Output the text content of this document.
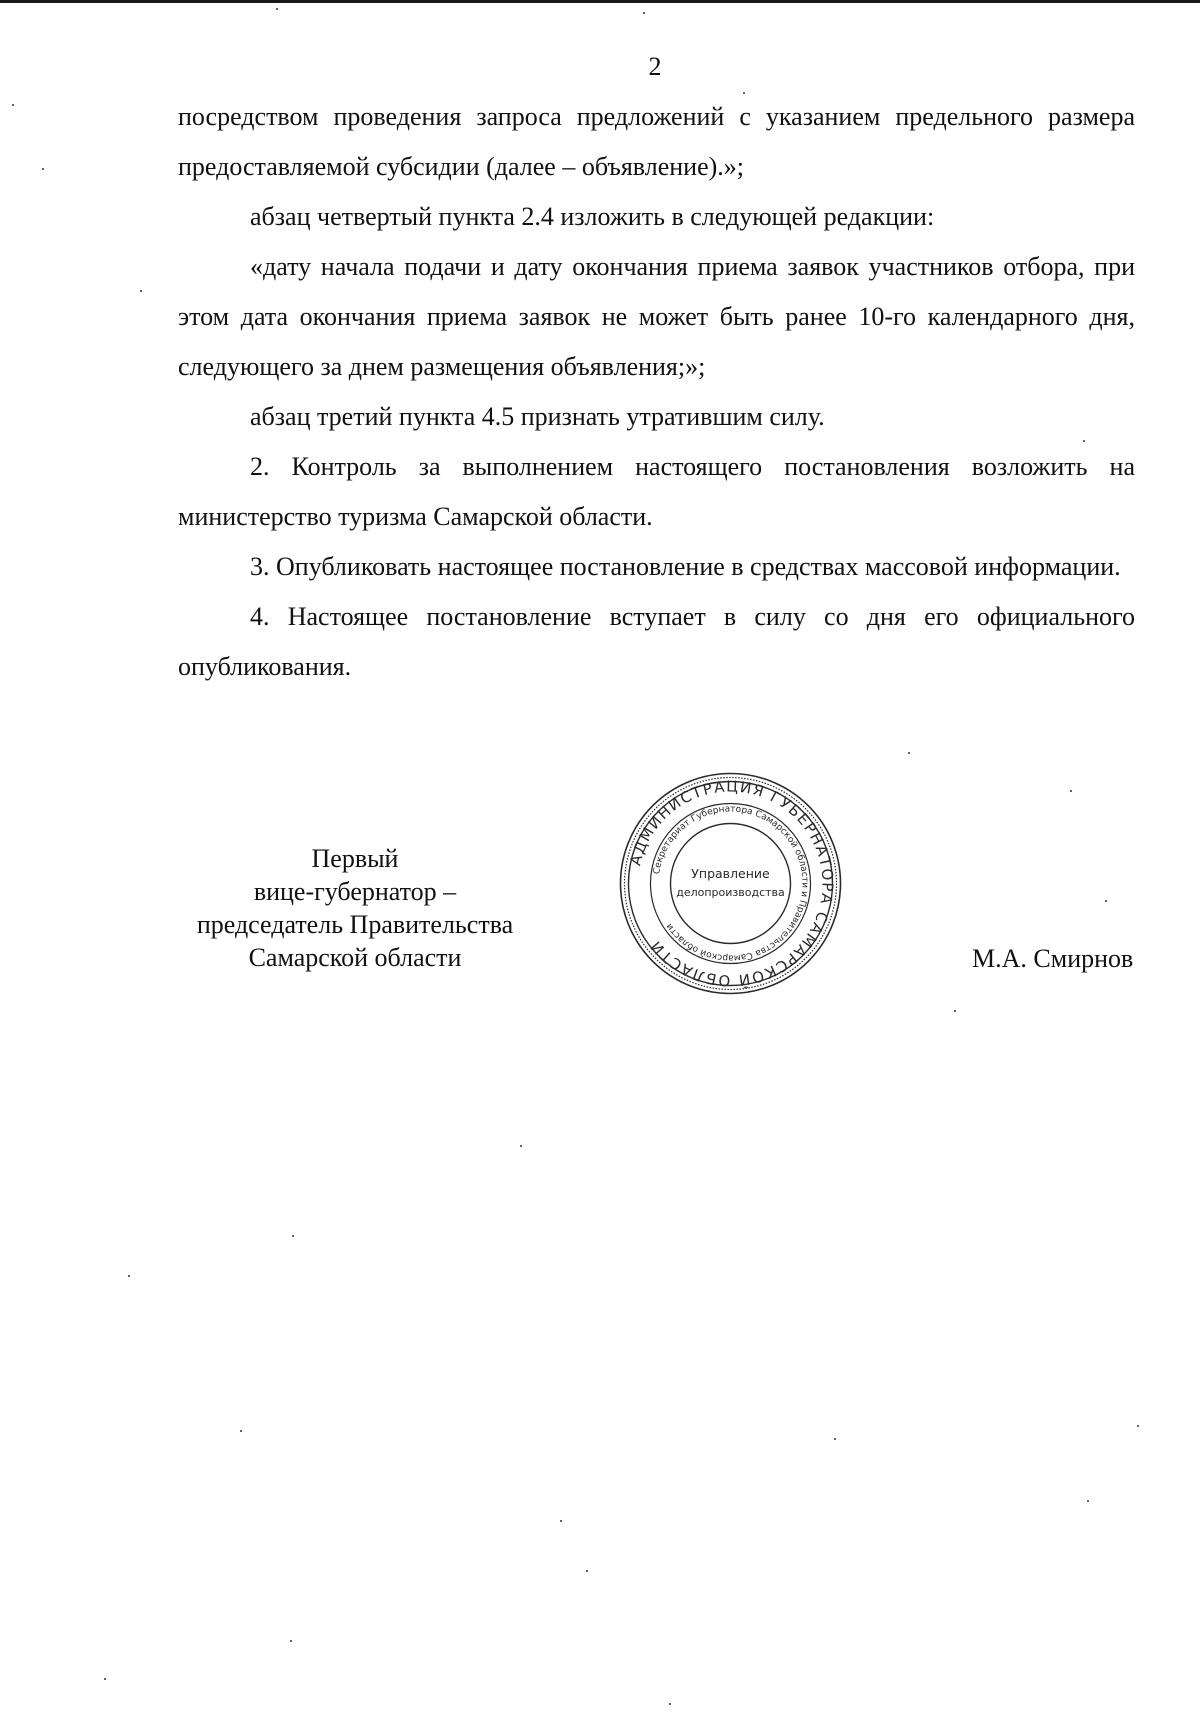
2

посредством проведения запроса предложений с указанием предельного размера предоставляемой субсидии (далее – объявление).»;

абзац четвертый пункта 2.4 изложить в следующей редакции:

«дату начала подачи и дату окончания приема заявок участников отбора, при этом дата окончания приема заявок не может быть ранее 10-го календарного дня, следующего за днем размещения объявления;»;

абзац третий пункта 4.5 признать утратившим силу.

2. Контроль за выполнением настоящего постановления возложить на министерство туризма Самарской области.

3. Опубликовать настоящее постановление в средствах массовой информации.

4. Настоящее постановление вступает в силу со дня его официального опубликования.

Первый
вице-губернатор –
председатель Правительства
Самарской области
АДМИНИСТРАЦИЯ ГУБЕРНАТОРА САМАРСКОЙ ОБЛАСТИ
Секретариат Губернатора Самарской области и Правительства Самарской области
Управление
делопроизводства
М.А. Смирнов
